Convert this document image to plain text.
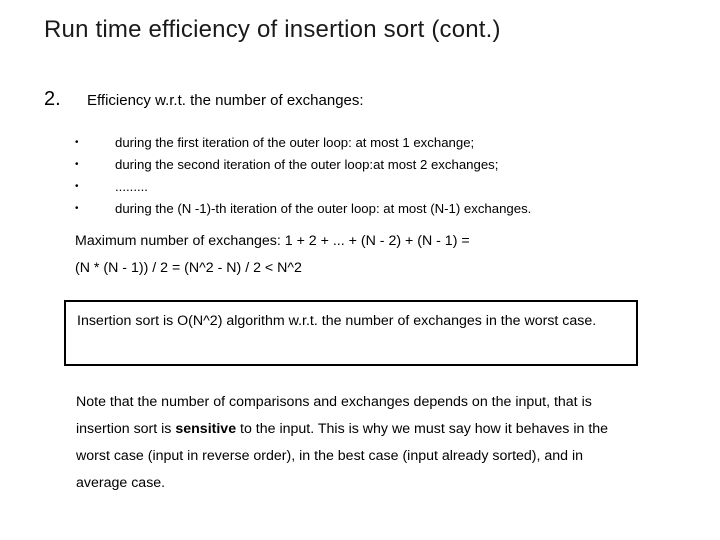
Run time efficiency of insertion sort (cont.)
2. Efficiency w.r.t. the number of exchanges:
•	during the first iteration of the outer loop: at most 1 exchange;
•	during the second iteration of the outer loop:at most 2 exchanges;
•	.........
•	during the (N -1)-th iteration of the outer loop: at most (N-1) exchanges.
Maximum number of exchanges: 1 + 2 + ... + (N - 2) + (N - 1) =
(N * (N - 1)) / 2 = (N^2 - N) / 2 < N^2
Insertion sort is O(N^2) algorithm w.r.t. the number of exchanges in the worst case.
Note that the number of comparisons and exchanges depends on the input, that is insertion sort is sensitive to the input. This is why we must say how it behaves in the worst case (input in reverse order), in the best case (input already sorted), and in average case.
